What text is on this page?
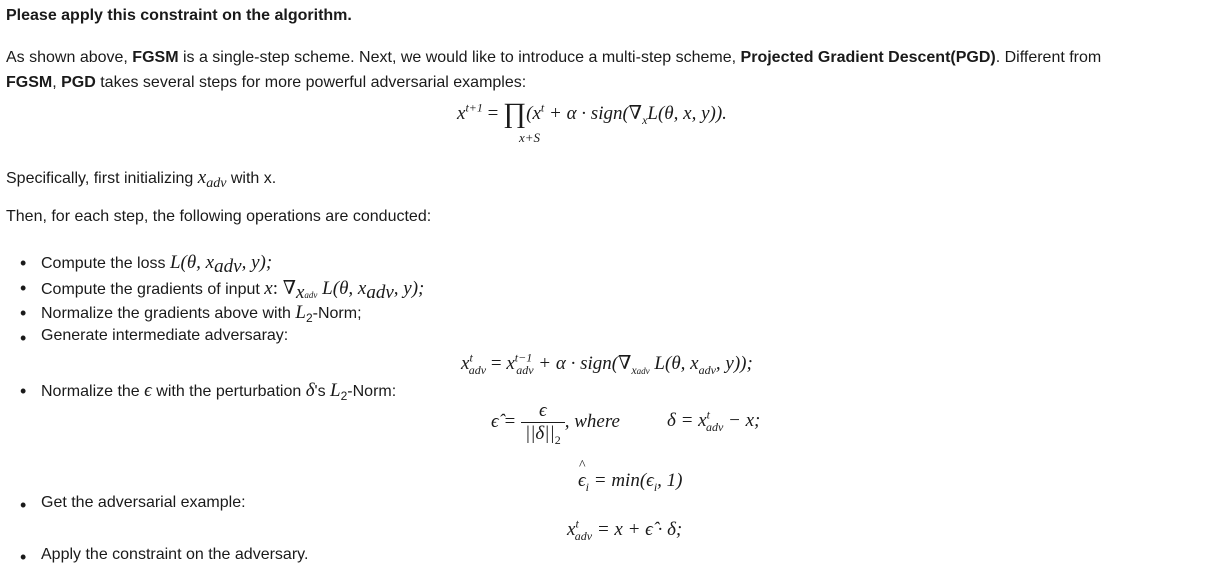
Please apply this constraint on the algorithm.
As shown above, FGSM is a single-step scheme. Next, we would like to introduce a multi-step scheme, Projected Gradient Descent(PGD). Different from
FGSM, PGD takes several steps for more powerful adversarial examples:
$x^{t+1}$ = $\prod(x^t + \alpha$ · $sign(\nabla_xL(\theta$, x, y)).
x+S
Specifically, first initializing $x_{adv}$ with x.
Then, for each step, the following operations are conducted:
• Compute the loss L(θ, $x_{adv}$, y);
• Compute the gradients of input x: $\nabla_{xadv}$ L(θ, $x_{adv}$, y);
• Normalize the gradients above with $L_2$-Norm;
• Generate intermediate adversaray:
• Normalize the ϵ with the perturbation δ's $L_2$-Norm:
• Get the adversarial example:
• Apply the constraint on the adversary.
$x^t_{adv} = x^{t-1}_{adv} + \alpha$ · $sign(\nabla_{xadv}$ L(θ, $x_{adv}$, y));
ϵ̂ = $\frac{\epsilon}{||\delta||_2}$ , where $\delta = x^t_{adv} - x$;
^
$\epsilon_i = \min(\epsilon_i$, 1)
$x^t_{adv} = x$ + ϵ̂ · δ;
